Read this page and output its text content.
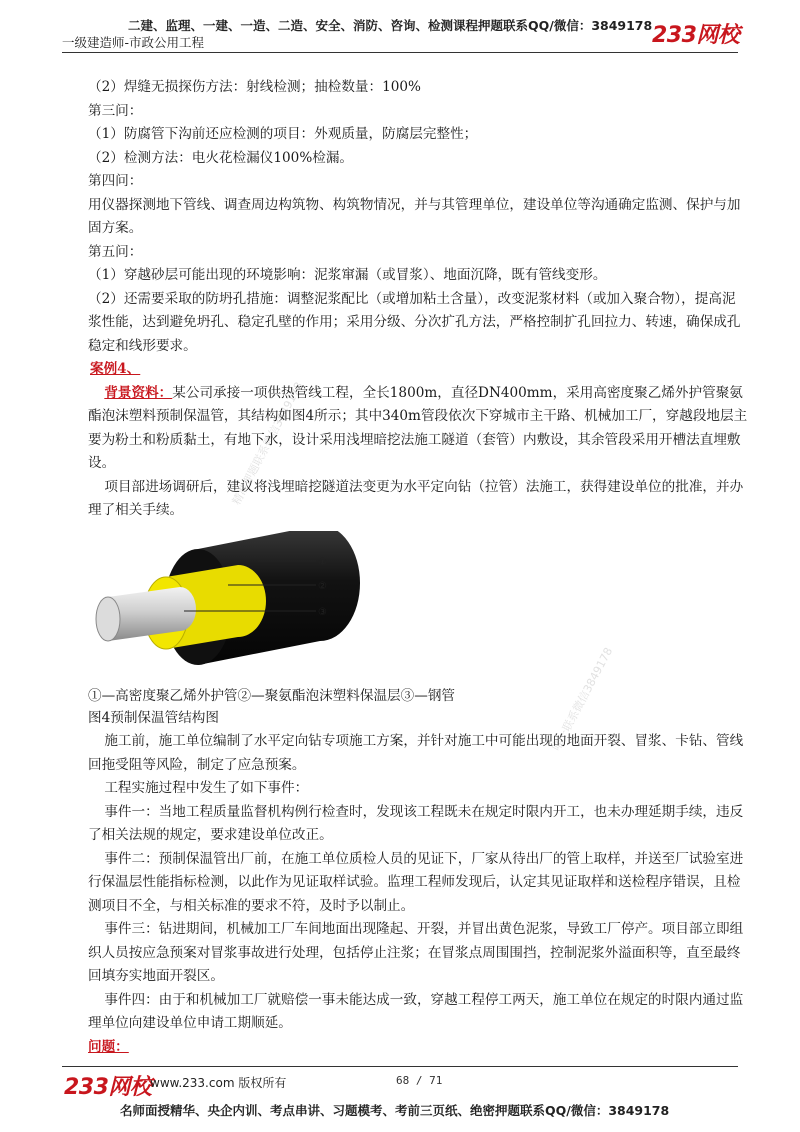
二建、监理、一建、一造、二造、安全、消防、咨询、检测课程押题联系QQ/微信：3849178
一级建造师-市政公用工程	233网校
精准押题联系微信3849178
唯一联系微信3849178

（2）焊缝无损探伤方法：射线检测；抽检数量：100%

第三问：

（1）防腐管下沟前还应检测的项目：外观质量，防腐层完整性；

（2）检测方法：电火花检漏仪100%检漏。

第四问：

用仪器探测地下管线、调查周边构筑物、构筑物情况，并与其管理单位，建设单位等沟通确定监测、保护与加固方案。

第五问：

（1）穿越砂层可能出现的环境影响：泥浆窜漏（或冒浆）、地面沉降，既有管线变形。

（2）还需要采取的防坍孔措施：调整泥浆配比（或增加粘土含量），改变泥浆材料（或加入聚合物），提高泥浆性能，达到避免坍孔、稳定孔壁的作用；采用分级、分次扩孔方法，严格控制扩孔回拉力、转速，确保成孔稳定和线形要求。

案例4、

背景资料：某公司承接一项供热管线工程，全长1800m，直径DN400mm，采用高密度聚乙烯外护管聚氨酯泡沫塑料预制保温管，其结构如图4所示；其中340m管段依次下穿城市主干路、机械加工厂，穿越段地层主要为粉土和粉质黏土，有地下水，设计采用浅埋暗挖法施工隧道（套管）内敷设，其余管段采用开槽法直埋敷设。

项目部进场调研后，建议将浅埋暗挖隧道法变更为水平定向钻（拉管）法施工，获得建设单位的批准，并办理了相关手续。

①
②
③

①—高密度聚乙烯外护管②—聚氨酯泡沫塑料保温层③—钢管

图4预制保温管结构图

施工前，施工单位编制了水平定向钻专项施工方案，并针对施工中可能出现的地面开裂、冒浆、卡钻、管线回拖受阻等风险，制定了应急预案。

工程实施过程中发生了如下事件：

事件一：当地工程质量监督机构例行检查时，发现该工程既未在规定时限内开工，也未办理延期手续，违反了相关法规的规定，要求建设单位改正。

事件二：预制保温管出厂前，在施工单位质检人员的见证下，厂家从待出厂的管上取样，并送至厂试验室进行保温层性能指标检测，以此作为见证取样试验。监理工程师发现后，认定其见证取样和送检程序错误，且检测项目不全，与相关标准的要求不符，及时予以制止。

事件三：钻进期间，机械加工厂车间地面出现隆起、开裂，并冒出黄色泥浆，导致工厂停产。项目部立即组织人员按应急预案对冒浆事故进行处理，包括停止注浆；在冒浆点周围围挡，控制泥浆外溢面积等，直至最终回填夯实地面开裂区。

事件四：由于和机械加工厂就赔偿一事未能达成一致，穿越工程停工两天，施工单位在规定的时限内通过监理单位向建设单位申请工期顺延。

问题：

233网校
www.233.com 版权所有	68 / 71
名师面授精华、央企内训、考点串讲、习题模考、考前三页纸、绝密押题联系QQ/微信：3849178
